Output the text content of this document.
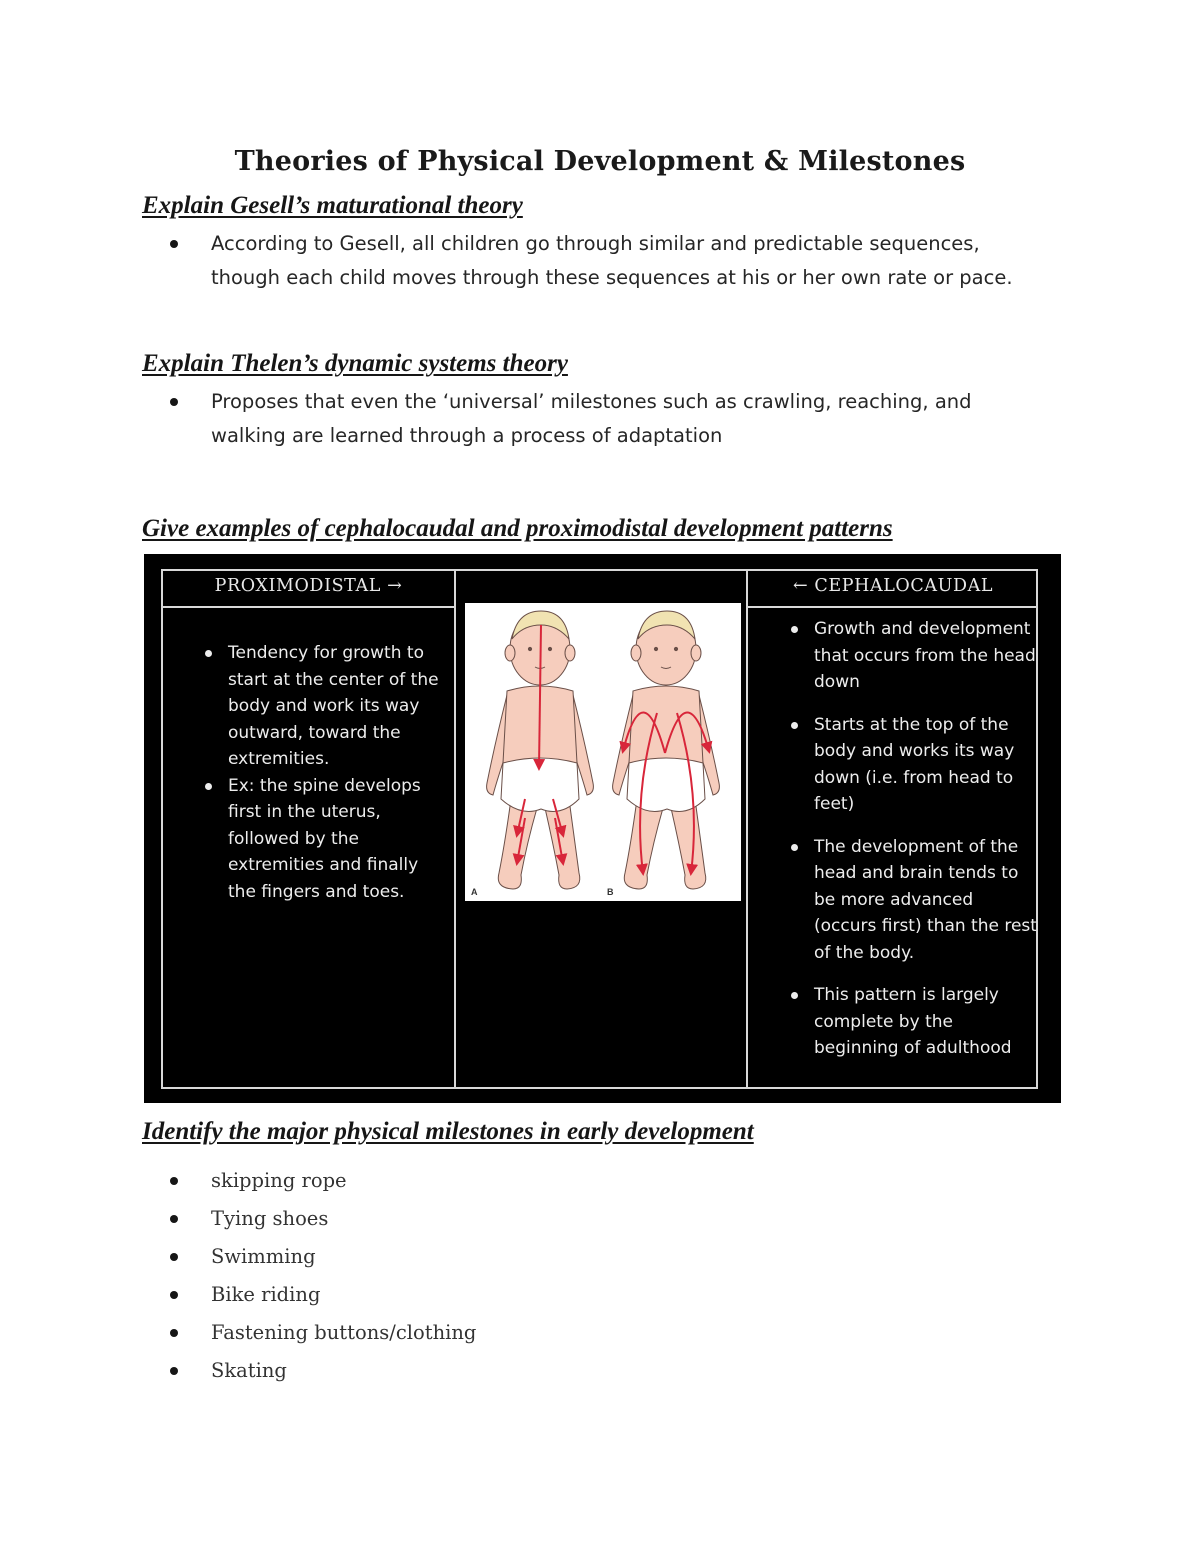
Theories of Physical Development & Milestones
Explain Gesell’s maturational theory
According to Gesell, all children go through similar and predictable sequences, though each child moves through these sequences at his or her own rate or pace.
Explain Thelen’s dynamic systems theory
Proposes that even the ‘universal’ milestones such as crawling, reaching, and walking are learned through a process of adaptation
Give examples of cephalocaudal and proximodistal development patterns
PROXIMODISTAL →	← CEPHALOCAUDAL
Tendency for growth to start at the center of the body and work its way outward, toward the extremities.
Ex: the spine develops first in the uterus, followed by the extremities and finally the fingers and toes.
Growth and development that occurs from the head down
Starts at the top of the body and works its way down (i.e. from head to feet)
The development of the head and brain tends to be more advanced (occurs first) than the rest of the body.
This pattern is largely complete by the beginning of adulthood
A	B
Identify the major physical milestones in early development
skipping rope
Tying shoes
Swimming
Bike riding
Fastening buttons/clothing
Skating
